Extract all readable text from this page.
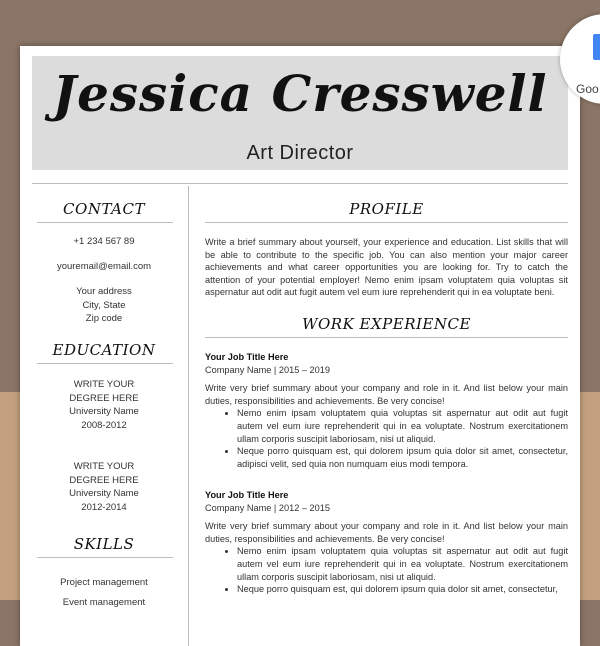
Jessica Cresswell
Art Director
CONTACT
+1 234 567 89
youremail@email.com
Your address
City, State
Zip code
EDUCATION
WRITE YOUR
DEGREE HERE
University Name
2008-2012
WRITE YOUR
DEGREE HERE
University Name
2012-2014
SKILLS
Project management
Event management
PROFILE
Write a brief summary about yourself, your experience and education. List skills that will be able to contribute to the specific job. You can also mention your major career achievements and what career opportunities you are looking for. Try to catch the attention of your potential employer! Nemo enim ipsam voluptatem quia voluptas sit aspernatur aut odit aut fugit autem vel eum iure reprehenderit qui in ea voluptate beni.
WORK EXPERIENCE
Your Job Title Here
Company Name | 2015 – 2019
Write very brief summary about your company and role in it. And list below your main duties, responsibilities and achievements. Be very concise!
• Nemo enim ipsam voluptatem quia voluptas sit aspernatur aut odit aut fugit autem vel eum iure reprehenderit qui in ea voluptate. Nostrum exercitationem ullam corporis suscipit laboriosam, nisi ut aliquid.
• Neque porro quisquam est, qui dolorem ipsum quia dolor sit amet, consectetur, adipisci velit, sed quia non numquam eius modi tempora.
Your Job Title Here
Company Name | 2012 – 2015
Write very brief summary about your company and role in it. And list below your main duties, responsibilities and achievements. Be very concise!
• Nemo enim ipsam voluptatem quia voluptas sit aspernatur aut odit aut fugit autem vel eum iure reprehenderit qui in ea voluptate. Nostrum exercitationem ullam corporis suscipit laboriosam, nisi ut aliquid.
• Neque porro quisquam est, qui dolorem ipsum quia dolor sit amet, consectetur,
Goo
